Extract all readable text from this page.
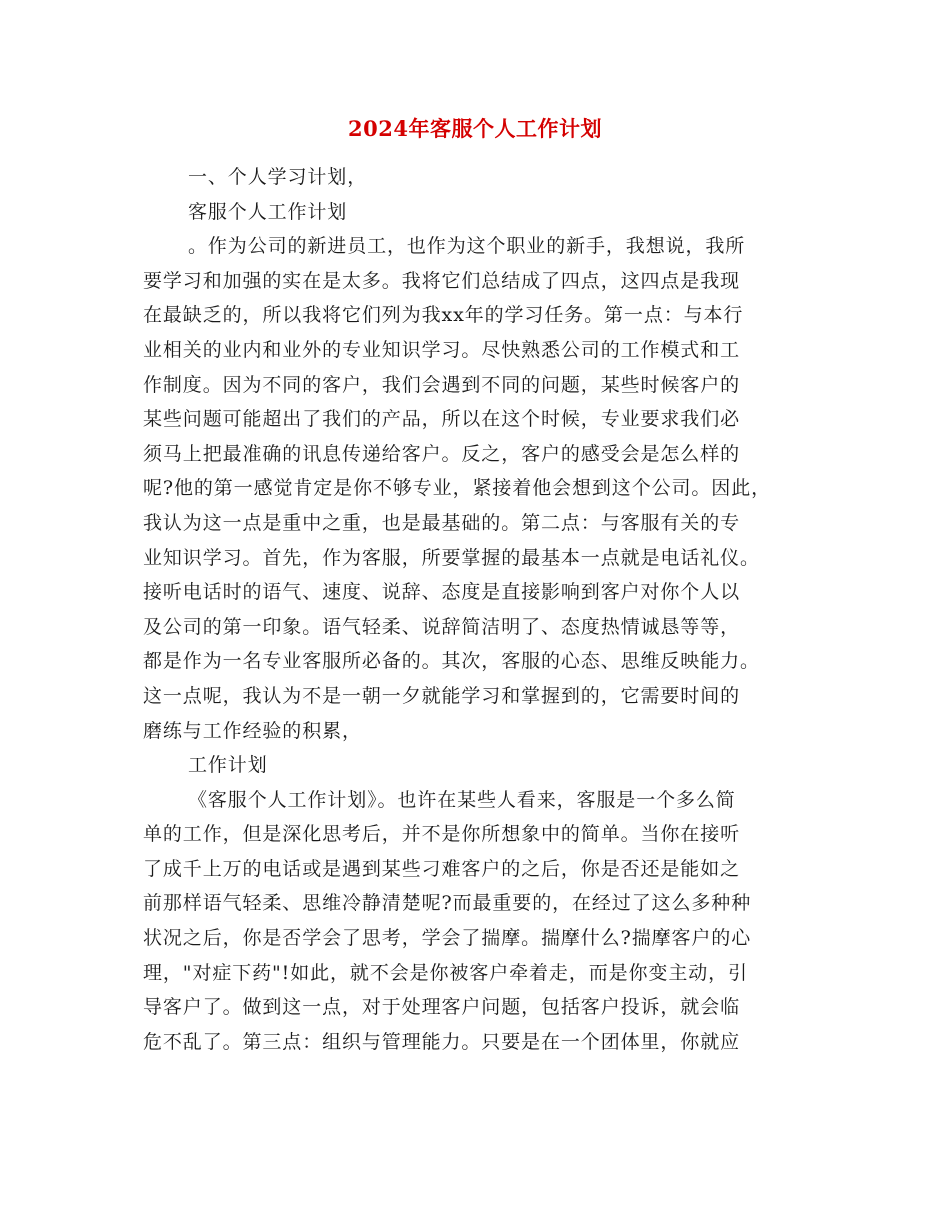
2024年客服个人工作计划
一、个人学习计划，
客服个人工作计划
。作为公司的新进员工，也作为这个职业的新手，我想说，我所
要学习和加强的实在是太多。我将它们总结成了四点，这四点是我现
在最缺乏的，所以我将它们列为我xx年的学习任务。第一点：与本行
业相关的业内和业外的专业知识学习。尽快熟悉公司的工作模式和工
作制度。因为不同的客户，我们会遇到不同的问题，某些时候客户的
某些问题可能超出了我们的产品，所以在这个时候，专业要求我们必
须马上把最准确的讯息传递给客户。反之，客户的感受会是怎么样的
呢?他的第一感觉肯定是你不够专业，紧接着他会想到这个公司。因此，
我认为这一点是重中之重，也是最基础的。第二点：与客服有关的专
业知识学习。首先，作为客服，所要掌握的最基本一点就是电话礼仪。
接听电话时的语气、速度、说辞、态度是直接影响到客户对你个人以
及公司的第一印象。语气轻柔、说辞简洁明了、态度热情诚恳等等，
都是作为一名专业客服所必备的。其次，客服的心态、思维反映能力。
这一点呢，我认为不是一朝一夕就能学习和掌握到的，它需要时间的
磨练与工作经验的积累，
工作计划
《客服个人工作计划》。也许在某些人看来，客服是一个多么简
单的工作，但是深化思考后，并不是你所想象中的简单。当你在接听
了成千上万的电话或是遇到某些刁难客户的之后，你是否还是能如之
前那样语气轻柔、思维冷静清楚呢?而最重要的，在经过了这么多种种
状况之后，你是否学会了思考，学会了揣摩。揣摩什么?揣摩客户的心
理，"对症下药"!如此，就不会是你被客户牵着走，而是你变主动，引
导客户了。做到这一点，对于处理客户问题，包括客户投诉，就会临
危不乱了。第三点：组织与管理能力。只要是在一个团体里，你就应
